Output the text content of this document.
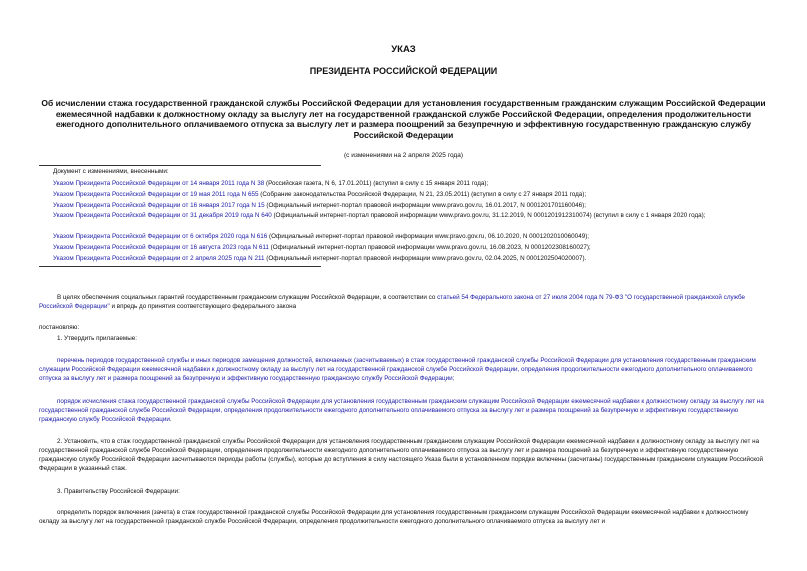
УКАЗ
ПРЕЗИДЕНТА РОССИЙСКОЙ ФЕДЕРАЦИИ
Об исчислении стажа государственной гражданской службы Российской Федерации для установления государственным гражданским служащим Российской Федерации ежемесячной надбавки к должностному окладу за выслугу лет на государственной гражданской службе Российской Федерации, определения продолжительности ежегодного дополнительного оплачиваемого отпуска за выслугу лет и размера поощрений за безупречную и эффективную государственную гражданскую службу Российской Федерации
(с изменениями на 2 апреля 2025 года)
Документ с изменениями, внесенными:
Указом Президента Российской Федерации от 14 января 2011 года N 38 (Российская газета, N 6, 17.01.2011) (вступил в силу с 15 января 2011 года);
Указом Президента Российской Федерации от 19 мая 2011 года N 655 (Собрание законодательства Российской Федерации, N 21, 23.05.2011) (вступил в силу с 27 января 2011 года);
Указом Президента Российской Федерации от 16 января 2017 года N 15 (Официальный интернет-портал правовой информации www.pravo.gov.ru, 16.01.2017, N 0001201701160046);
Указом Президента Российской Федерации от 31 декабря 2019 года N 640 (Официальный интернет-портал правовой информации www.pravo.gov.ru, 31.12.2019, N 0001201912310074) (вступил в силу с 1 января 2020 года);
Указом Президента Российской Федерации от 6 октября 2020 года N 616 (Официальный интернет-портал правовой информации www.pravo.gov.ru, 06.10.2020, N 0001202010060049);
Указом Президента Российской Федерации от 16 августа 2023 года N 611 (Официальный интернет-портал правовой информации www.pravo.gov.ru, 16.08.2023, N 0001202308160027);
Указом Президента Российской Федерации от 2 апреля 2025 года N 211 (Официальный интернет-портал правовой информации www.pravo.gov.ru, 02.04.2025, N 0001202504020007).
В целях обеспечения социальных гарантий государственным гражданским служащим Российской Федерации, в соответствии со статьей 54 Федерального закона от 27 июля 2004 года N 79-ФЗ "О государственной гражданской службе Российской Федерации" и впредь до принятия соответствующего федерального закона
постановляю:
1. Утвердить прилагаемые:
перечень периодов государственной службы и иных периодов замещения должностей, включаемых (засчитываемых) в стаж государственной гражданской службы Российской Федерации для установления государственным гражданским служащим Российской Федерации ежемесячной надбавки к должностному окладу за выслугу лет на государственной гражданской службе Российской Федерации, определения продолжительности ежегодного дополнительного оплачиваемого отпуска за выслугу лет и размера поощрений за безупречную и эффективную государственную гражданскую службу Российской Федерации;
порядок исчисления стажа государственной гражданской службы Российской Федерации для установления государственным гражданским служащим Российской Федерации ежемесячной надбавки к должностному окладу за выслугу лет на государственной гражданской службе Российской Федерации, определения продолжительности ежегодного дополнительного оплачиваемого отпуска за выслугу лет и размера поощрений за безупречную и эффективную государственную гражданскую службу Российской Федерации.
2. Установить, что в стаж государственной гражданской службы Российской Федерации для установления государственным гражданским служащим Российской Федерации ежемесячной надбавки к должностному окладу за выслугу лет на государственной гражданской службе Российской Федерации, определения продолжительности ежегодного дополнительного оплачиваемого отпуска за выслугу лет и размера поощрений за безупречную и эффективную государственную гражданскую службу Российской Федерации засчитываются периоды работы (службы), которые до вступления в силу настоящего Указа были в установленном порядке включены (засчитаны) государственным гражданским служащим Российской Федерации в указанный стаж.
3. Правительству Российской Федерации:
определить порядок включения (зачета) в стаж государственной гражданской службы Российской Федерации для установления государственным гражданским служащим Российской Федерации ежемесячной надбавки к должностному окладу за выслугу лет на государственной гражданской службе Российской Федерации, определения продолжительности ежегодного дополнительного оплачиваемого отпуска за выслугу лет и
